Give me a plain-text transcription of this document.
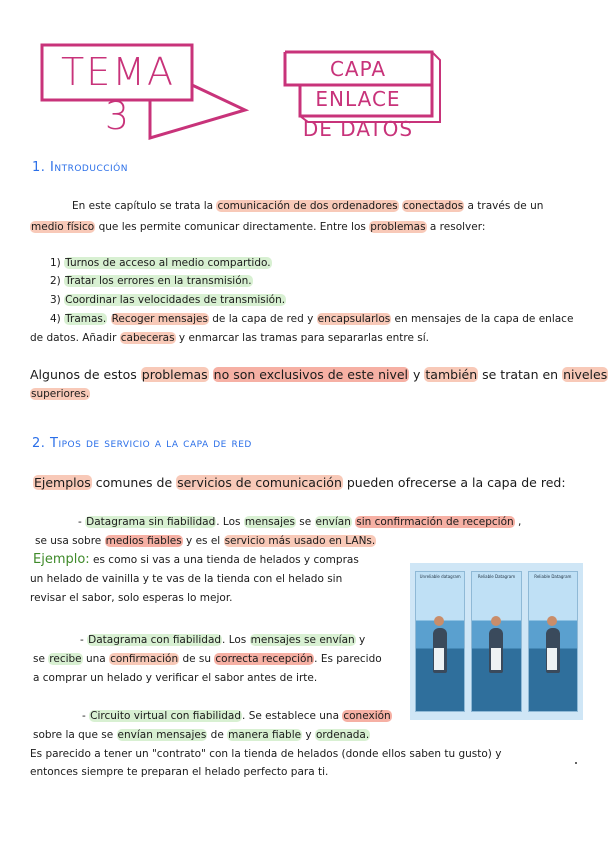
TEMA 3
CAPA ENLACE
DE DATOS
1. Introducción
2. Tipos de servicio a la capa de red
En este capítulo se trata la comunicación de dos ordenadores conectados a través de un
medio físico que les permite comunicar directamente. Entre los problemas a resolver:
1) Turnos de acceso al medio compartido.
2) Tratar los errores en la transmisión.
3) Coordinar las velocidades de transmisión.
4) Tramas. Recoger mensajes de la capa de red y encapsularlos en mensajes de la capa de enlace
de datos. Añadir cabeceras y enmarcar las tramas para separarlas entre sí.
Algunos de estos problemas no son exclusivos de este nivel y también se tratan en niveles
superiores.
Ejemplos comunes de servicios de comunicación pueden ofrecerse a la capa de red:
- Datagrama sin fiabilidad. Los mensajes se envían sin confirmación de recepción ,
se usa sobre medios fiables y es el servicio más usado en LANs.
Ejemplo: es como si vas a una tienda de helados y compras
un helado de vainilla y te vas de la tienda con el helado sin
revisar el sabor, solo esperas lo mejor.
- Datagrama con fiabilidad. Los mensajes se envían y
se recibe una confirmación de su correcta recepción. Es parecido
a comprar un helado y verificar el sabor antes de irte.
- Circuito virtual con fiabilidad. Se establece una conexión
sobre la que se envían mensajes de manera fiable y ordenada.
Es parecido a tener un "contrato" con la tienda de helados (donde ellos saben tu gusto) y
entonces siempre te preparan el helado perfecto para ti.
Unreliable datagram	Reliable Datagram	Reliable Datagram
